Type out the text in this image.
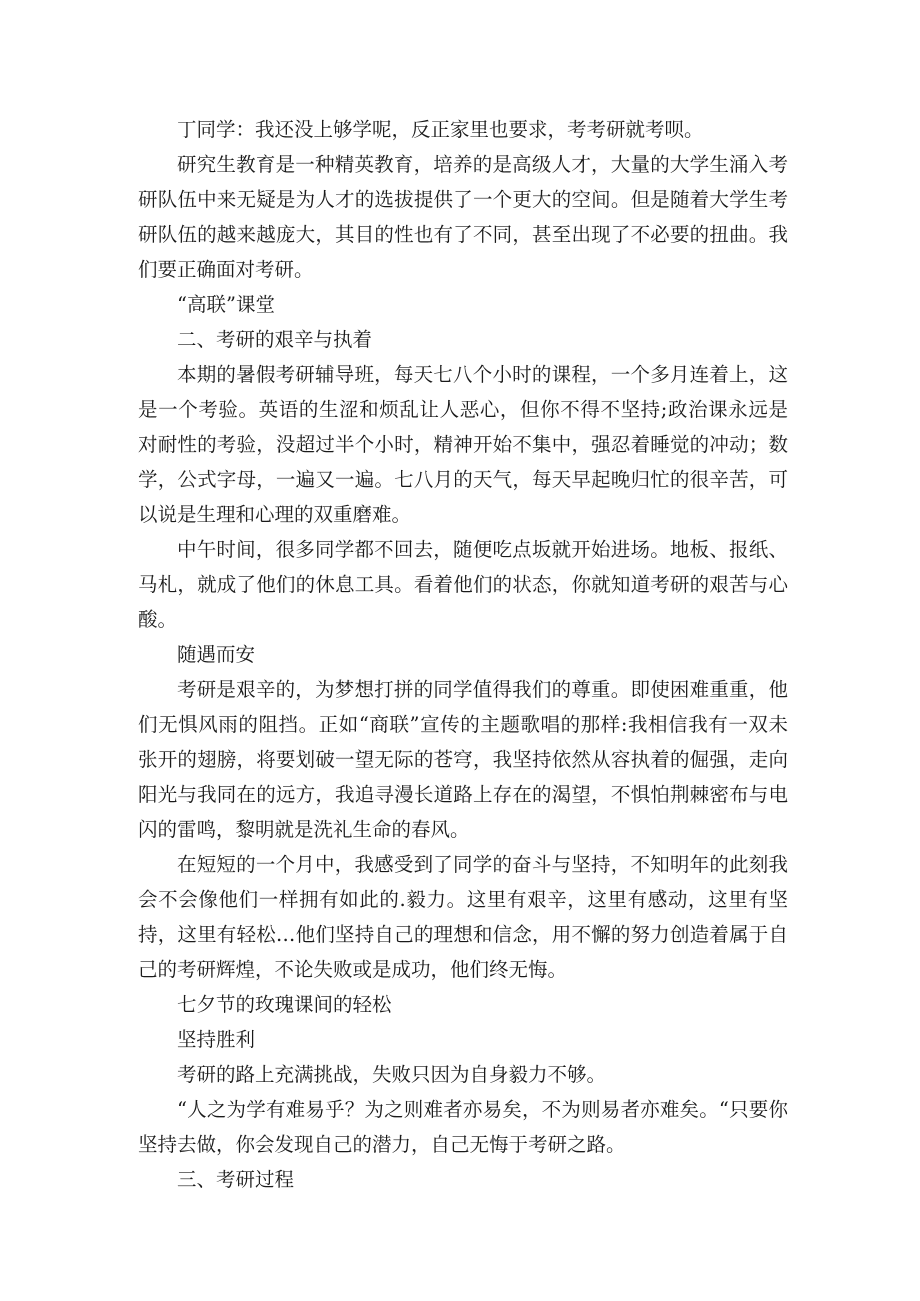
丁同学：我还没上够学呢，反正家里也要求，考考研就考呗。

研究生教育是一种精英教育，培养的是高级人才，大量的大学生涌入考研队伍中来无疑是为人才的选拔提供了一个更大的空间。但是随着大学生考研队伍的越来越庞大，其目的性也有了不同，甚至出现了不必要的扭曲。我们要正确面对考研。

“高联”课堂

二、考研的艰辛与执着

本期的暑假考研辅导班，每天七八个小时的课程，一个多月连着上，这是一个考验。英语的生涩和烦乱让人恶心，但你不得不坚持;政治课永远是对耐性的考验，没超过半个小时，精神开始不集中，强忍着睡觉的冲动；数学，公式字母，一遍又一遍。七八月的天气，每天早起晚归忙的很辛苦，可以说是生理和心理的双重磨难。

中午时间，很多同学都不回去，随便吃点坂就开始进场。地板、报纸、马札，就成了他们的休息工具。看着他们的状态，你就知道考研的艰苦与心酸。

随遇而安

考研是艰辛的，为梦想打拼的同学值得我们的尊重。即使困难重重，他们无惧风雨的阻挡。正如“商联”宣传的主题歌唱的那样:我相信我有一双未张开的翅膀，将要划破一望无际的苍穹，我坚持依然从容执着的倔强，走向阳光与我同在的远方，我追寻漫长道路上存在的渴望，不惧怕荆棘密布与电闪的雷鸣，黎明就是洗礼生命的春风。

在短短的一个月中，我感受到了同学的奋斗与坚持，不知明年的此刻我会不会像他们一样拥有如此的.毅力。这里有艰辛，这里有感动，这里有坚持，这里有轻松…他们坚持自己的理想和信念，用不懈的努力创造着属于自己的考研辉煌，不论失败或是成功，他们终无悔。

七夕节的玫瑰课间的轻松

坚持胜利

考研的路上充满挑战，失败只因为自身毅力不够。

“人之为学有难易乎？为之则难者亦易矣，不为则易者亦难矣。“只要你坚持去做，你会发现自己的潜力，自己无悔于考研之路。

三、考研过程
